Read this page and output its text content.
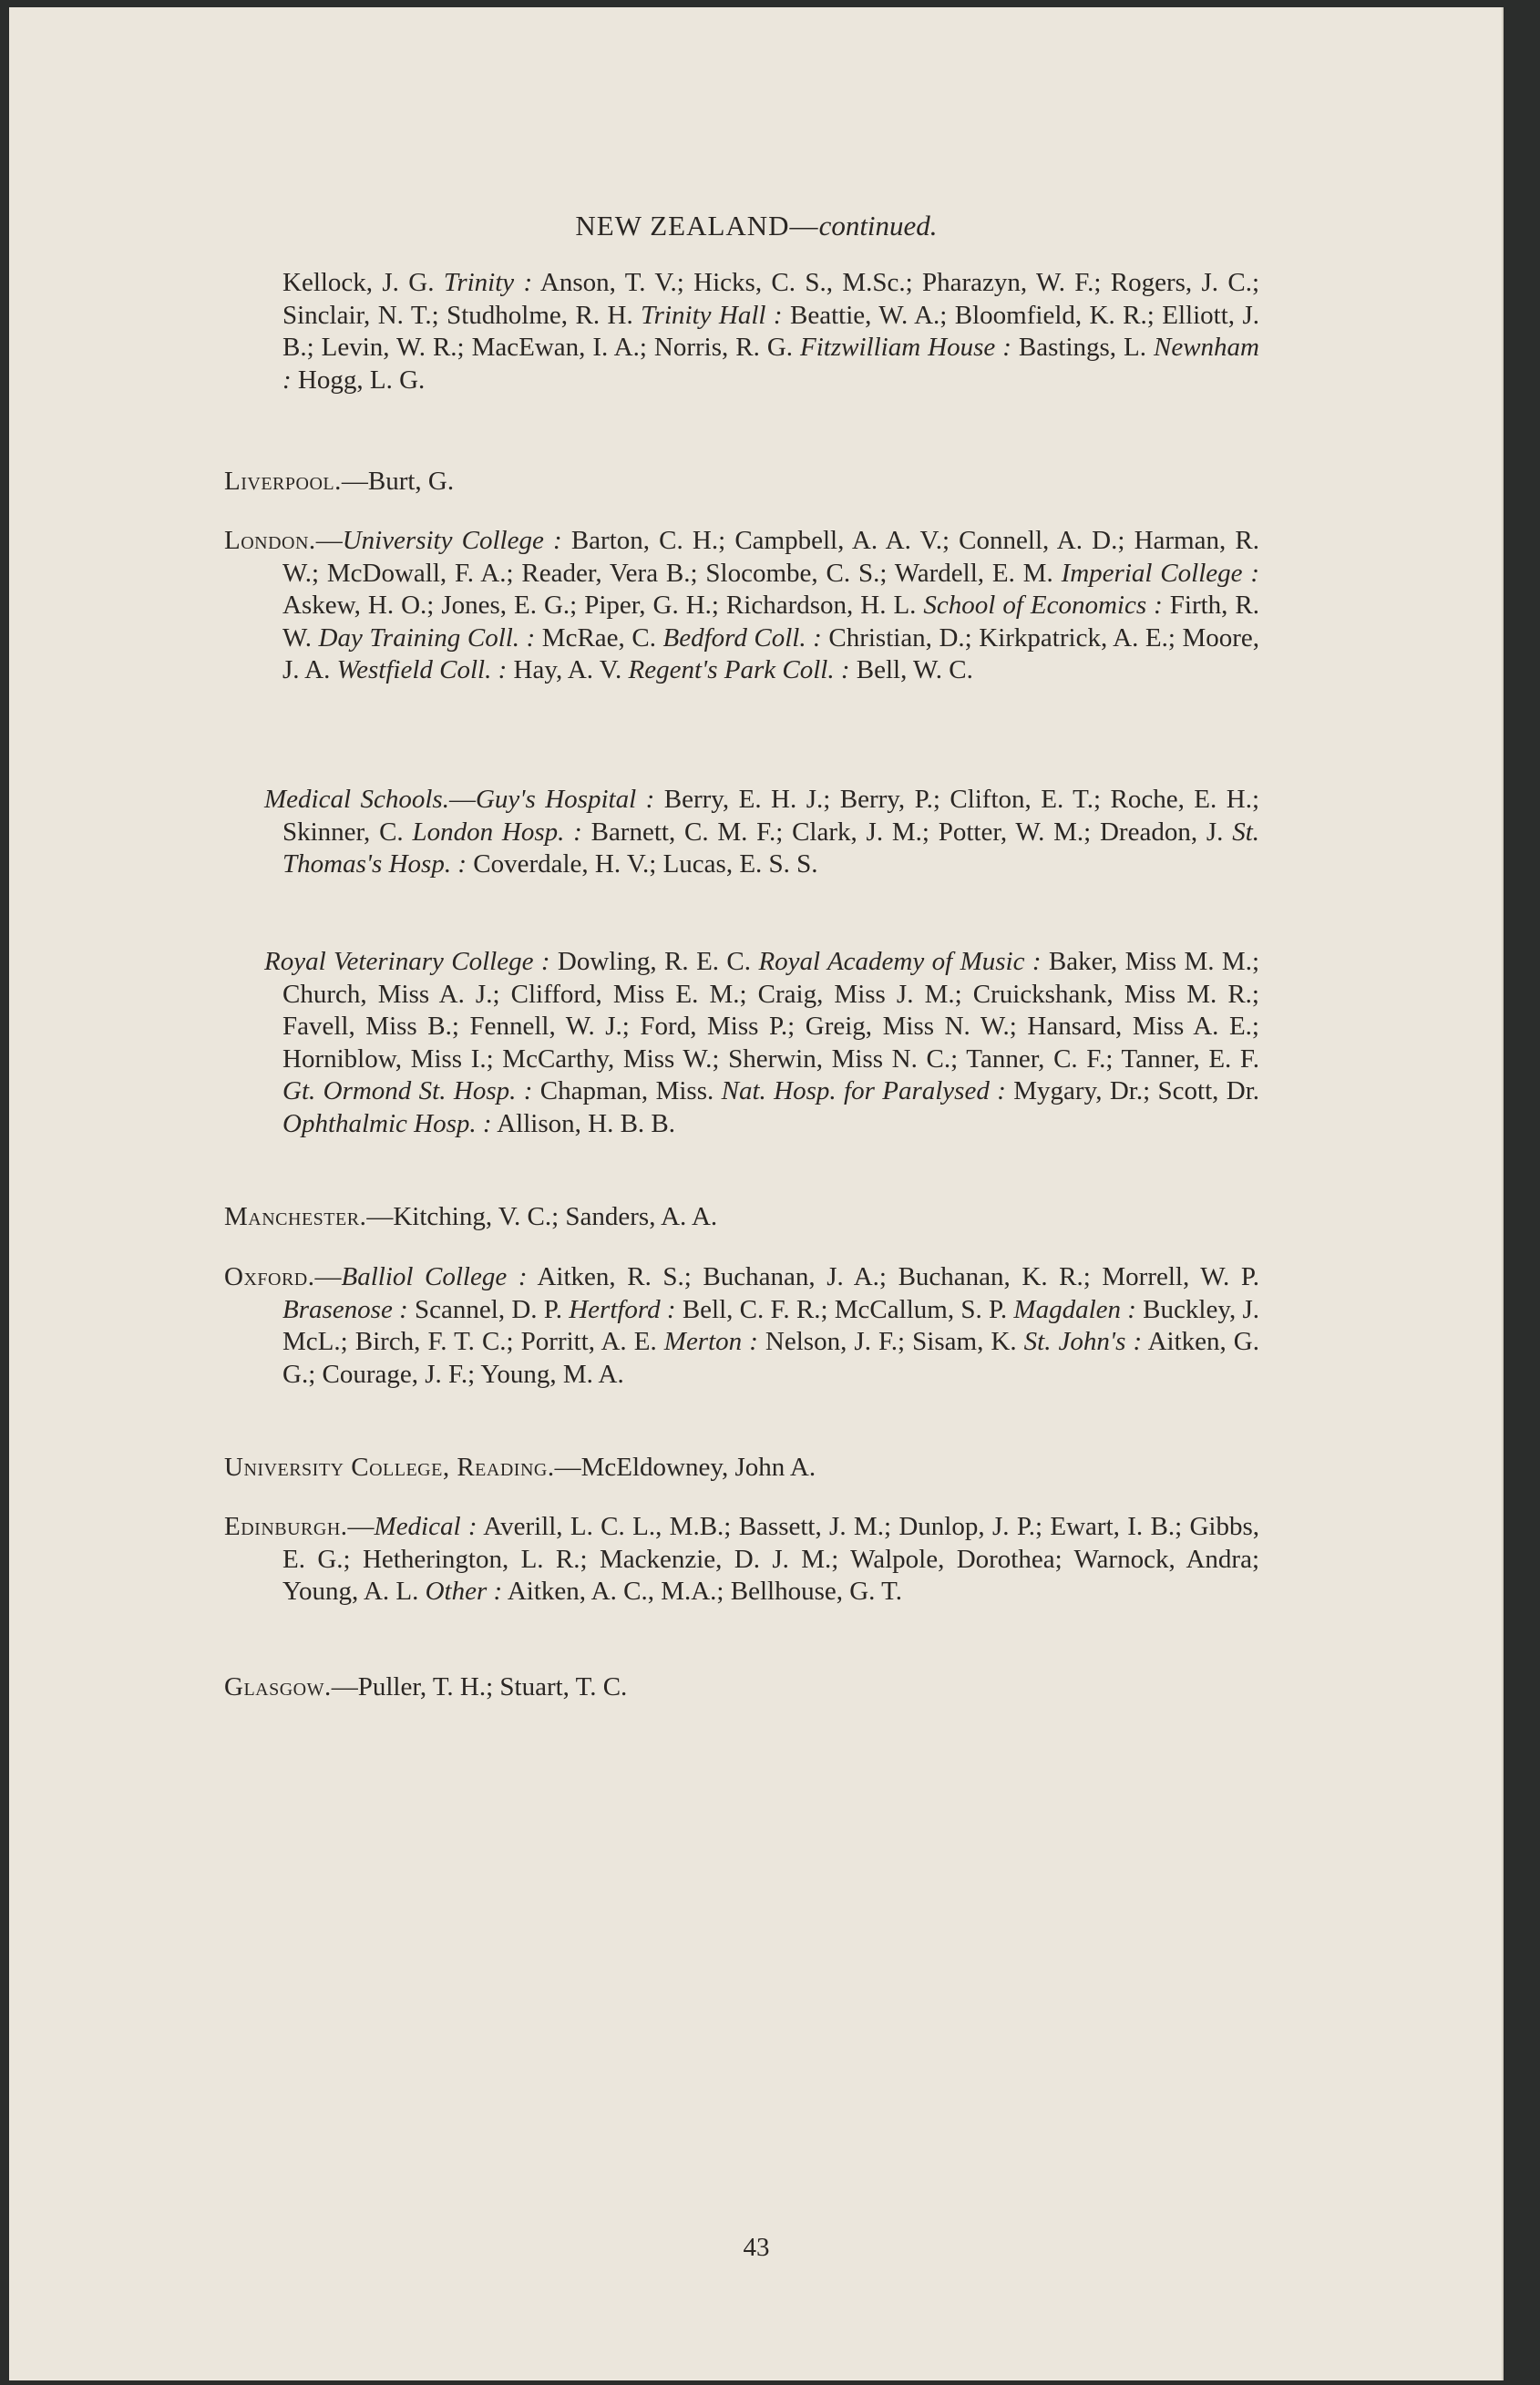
NEW ZEALAND—continued.

Kellock, J. G. Trinity : Anson, T. V.; Hicks, C. S., M.Sc.; Pharazyn, W. F.; Rogers, J. C.; Sinclair, N. T.; Studholme, R. H. Trinity Hall : Beattie, W. A.; Bloomfield, K. R.; Elliott, J. B.; Levin, W. R.; MacEwan, I. A.; Norris, R. G. Fitzwilliam House : Bastings, L. Newnham : Hogg, L. G.

Liverpool.—Burt, G.

London.—University College : Barton, C. H.; Campbell, A. A. V.; Connell, A. D.; Harman, R. W.; McDowall, F. A.; Reader, Vera B.; Slocombe, C. S.; Wardell, E. M. Imperial College : Askew, H. O.; Jones, E. G.; Piper, G. H.; Richardson, H. L. School of Economics : Firth, R. W. Day Training Coll. : McRae, C. Bedford Coll. : Christian, D.; Kirkpatrick, A. E.; Moore, J. A. Westfield Coll. : Hay, A. V. Regent's Park Coll. : Bell, W. C.

Medical Schools.—Guy's Hospital : Berry, E. H. J.; Berry, P.; Clifton, E. T.; Roche, E. H.; Skinner, C. London Hosp. : Barnett, C. M. F.; Clark, J. M.; Potter, W. M.; Dreadon, J. St. Thomas's Hosp. : Coverdale, H. V.; Lucas, E. S. S.

Royal Veterinary College : Dowling, R. E. C. Royal Academy of Music : Baker, Miss M. M.; Church, Miss A. J.; Clifford, Miss E. M.; Craig, Miss J. M.; Cruickshank, Miss M. R.; Favell, Miss B.; Fennell, W. J.; Ford, Miss P.; Greig, Miss N. W.; Hansard, Miss A. E.; Horniblow, Miss I.; McCarthy, Miss W.; Sherwin, Miss N. C.; Tanner, C. F.; Tanner, E. F. Gt. Ormond St. Hosp. : Chapman, Miss. Nat. Hosp. for Paralysed : Mygary, Dr.; Scott, Dr. Ophthalmic Hosp. : Allison, H. B. B.

Manchester.—Kitching, V. C.; Sanders, A. A.

Oxford.—Balliol College : Aitken, R. S.; Buchanan, J. A.; Buchanan, K. R.; Morrell, W. P. Brasenose : Scannel, D. P. Hertford : Bell, C. F. R.; McCallum, S. P. Magdalen : Buckley, J. McL.; Birch, F. T. C.; Porritt, A. E. Merton : Nelson, J. F.; Sisam, K. St. John's : Aitken, G. G.; Courage, J. F.; Young, M. A.

University College, Reading.—McEldowney, John A.

Edinburgh.—Medical : Averill, L. C. L., M.B.; Bassett, J. M.; Dunlop, J. P.; Ewart, I. B.; Gibbs, E. G.; Hetherington, L. R.; Mackenzie, D. J. M.; Walpole, Dorothea; Warnock, Andra; Young, A. L. Other : Aitken, A. C., M.A.; Bellhouse, G. T.

Glasgow.—Puller, T. H.; Stuart, T. C.

43
